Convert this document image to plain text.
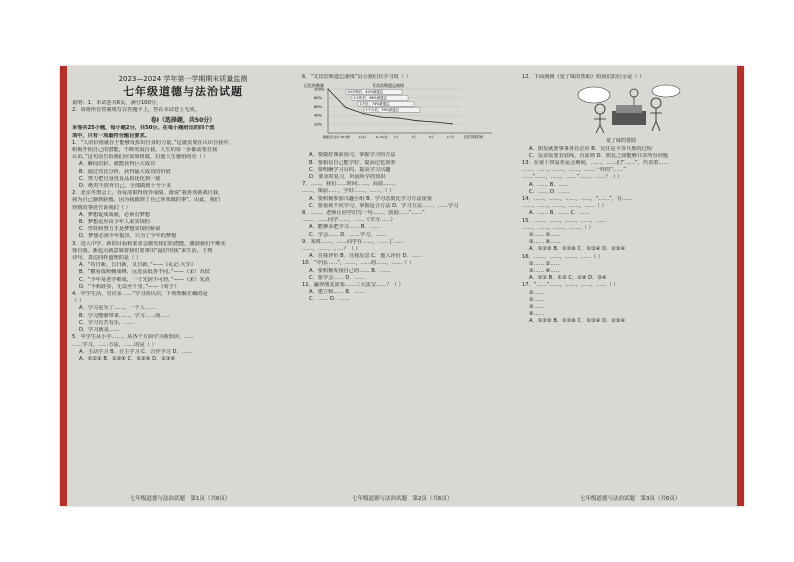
2023—2024 学年第一学期期末质量监测
七年级道德与法治试题
说明：1．本试卷共6页，满分100分。
2．请将所有答案填写在答题卡上，答在本试卷上无效。
卷Ⅰ（选择题，共50分）
本卷共25小题，每小题2分，共50分。在每小题给出的四个选
项中，只有一项最符合题目要求。
1．“人的价值就在于能够发挥出自身的力量。”这就需要在认识自我中，
积极开拓自己的潜能，不断发展自我。人生的每一步都需要自我
认识。”这句话告诉我们应该如何做，启迪人生感悟的有（ ）
A．瞬间出彩，就能获得巨大成功
B．通过对比分析，获得最大成功的价值
C．努力把自身优良品质优化到一致
D．绝对不放弃自己，全部做到十全十美
2．北京冬奥会上，谷爱凌取得优异成绩。她说“我喜欢挑战自我，
我为自己感到骄傲，因为我做到了自己喜欢做的事”。由此，我们
得到的事迹告诉我们（ ）
A．梦想促成成就，必须有梦想
B．梦想是应由少年人来实现的
C．坚持和努力才是梦想实现的桥梁
D．梦想必须少年提出，只为了少年的梦想
3．进入中学，新的目标和要求会激发我们的潜能，激励我们不断实
现自我。新起点就意味着我们要拿出“最好的我”来生活。下列
诗句，表达同样道理的是（ ）
A．“苟日新，日日新，又日新。”——《礼记·大学》
B．“横看成岭侧成峰，远近高低各不同。”——（宋）苏轼
C．“少年易老学难成，一寸光阴不可轻。”——（宋）朱熹
D．“不积跬步，无以至千里。”——《荀子》
4．中学生活，有许多……“学习的认识，下列理解正确的是
（ ）
A．学习是为了……，一个人……
B．学习能够带来……，学习……而……
C．学习有苦有乐，……
D．学习就是……
5．中学生从小学……，从各个方面学习新知识，……
……学习，……方法，……的是（ ）
A．主动学习 B．自主学习 C．合作学习 D．……
A．①②③ B．①②④ C．①③④ D．②③④
七年级道德与法治试题　第1页（共6页）
6．“艾宾浩斯遗忘曲线”启示我们在学习时（ ）
记忆的数量	艾宾浩斯遗忘曲线
100%
80%
60%
40%
20%
20分钟后，42%被遗忘
1小时后，56%被遗忘
1天后，74%被遗忘
1个月后，79%被遗忘
刚刚记忆完毕 20分钟	1小时	8~9小时 1天	2天	6天	1个月	记忆持续时间
A．要做好课前预习，掌握学习的方法
B．要相信自己能学好，提高记忆效率
C．要明确学习目的，提高学习兴趣
D．要及时复习，巩固所学的知识
7．……，我们……时间……。高效……，
……，课前……，学好……，……。（ ）
A．要积极参加兴趣小组 B．学习态度比学习方法重要
C．要重视不同学习，掌握适合方法 D．学习方法……，……学习
8．……，老师让同学们写一句……，鼓励……“……”
……，……同学……，……《学习……》
A．能够多把学习…… B．……
C．学会…… D．……学习，……
9．某班……，……同学在……，……了……
……，……，……？（ ）
A．自我评价 B．自我反思 C．他人评价 D．……
10．“中国……”，……，……的……，……（ ）
A．要积极发扬自己的…… B．……
C．要学会…… D．……
11．赢得朋友需要……三大法宝……？（ ）
A．建立和…… B．……
C．…… D．……
七年级道德与法治试题　第2页（共6页）
12．下面漫画《变了味的帮助》给我们的启示是（ ）
变了味的帮助
A．朋友就要事事各有必应 B．交往是平等互惠的过程
C．友谊需要有底线，有原则 D．朋友之间能够共享所有问题
13．在第十四届亚运会期间，……，……们“……”，代表着……
……，……，……，……，……一样的“……”
……“……，……，……”……，……？（ ）
A．…… B．……
C．…… D．……
14．……，……，……，……，“……”，在……
……，……，……，……。……（ ）
A．…… B．…… C．……
15．……，……，……，……，……
……，……，……，……。（ ）
①…… ②……
③…… ④……
A．①②③ B．①②④ C．①③④ D．②③④
16．……，……，……，……（ ）
①…… ②……
③…… ④……
A．①② B．①③ C．②④ D．③④
17．“……”……，……，……，……（ ）
①……
②……
③……
④……
A．①②③ B．①②④ C．①③④ D．②③④
七年级道德与法治试题　第3页（共6页）
